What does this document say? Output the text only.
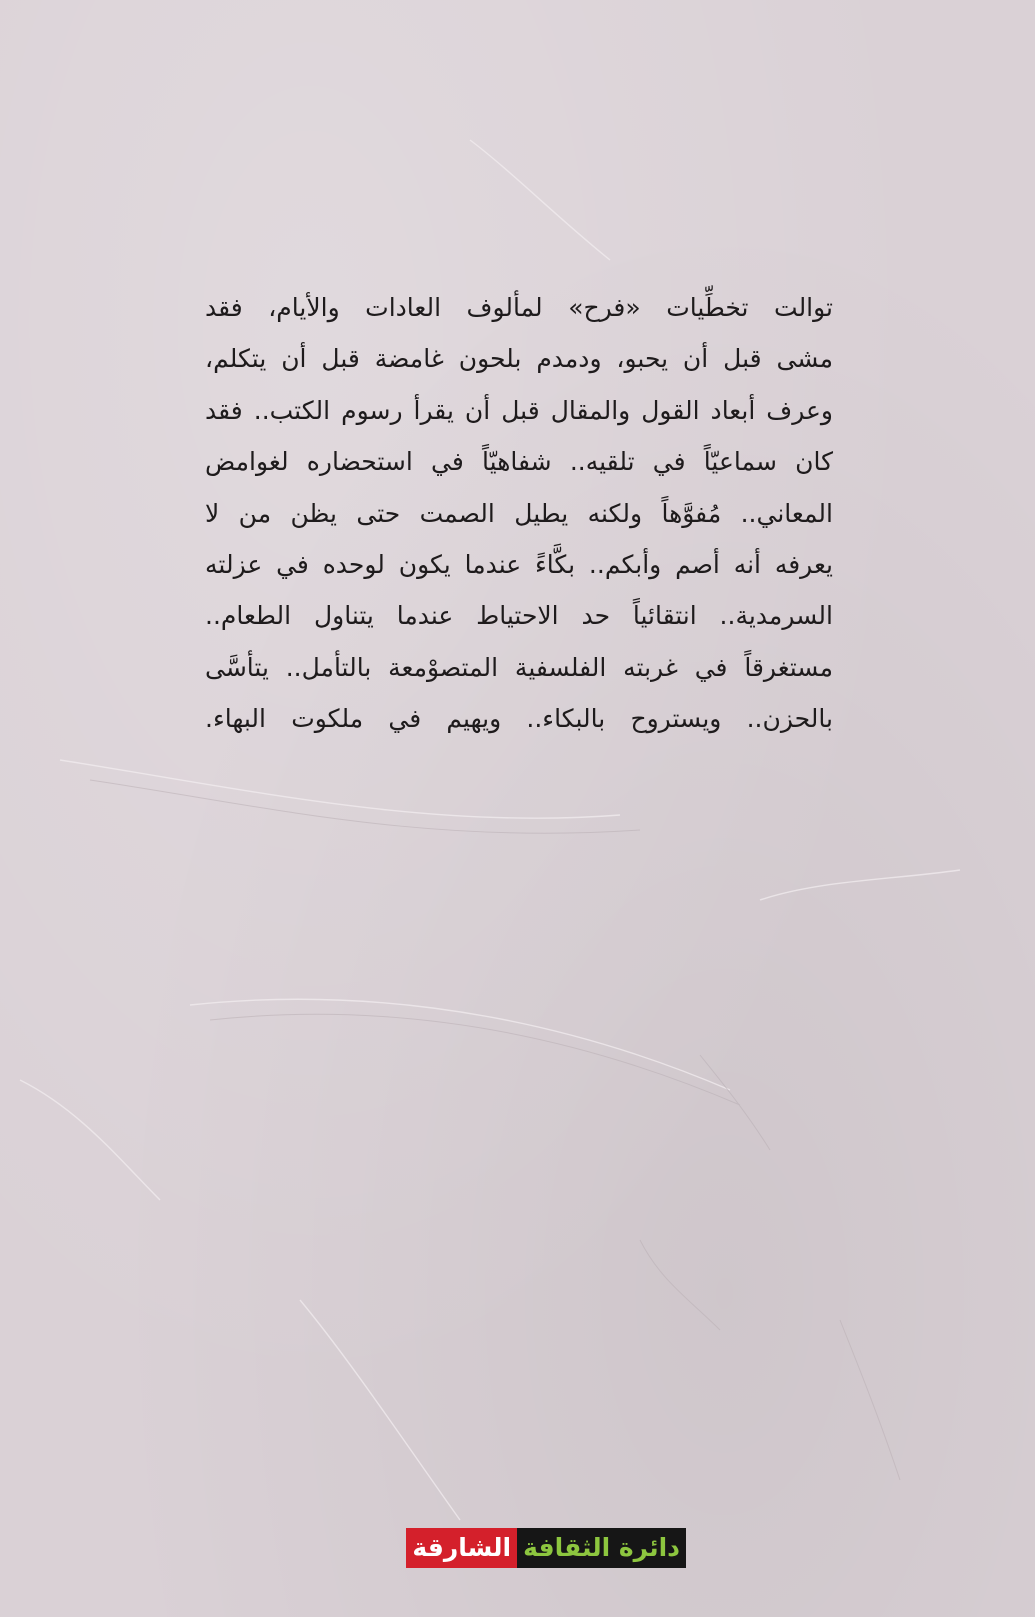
توالت تخطِّيات «فرح» لمألوف العادات والأيام، فقد
مشى قبل أن يحبو، ودمدم بلحون غامضة قبل أن يتكلم،
وعرف أبعاد القول والمقال قبل أن يقرأ رسوم الكتب.. فقد
كان سماعيّاً في تلقيه.. شفاهيّاً في استحضاره لغوامض
المعاني.. مُفوَّهاً ولكنه يطيل الصمت حتى يظن من لا
يعرفه أنه أصم وأبكم.. بكَّاءً عندما يكون لوحده في عزلته
السرمدية.. انتقائياً حد الاحتياط عندما يتناول الطعام..
مستغرقاً في غربته الفلسفية المتصوْمعة بالتأمل.. يتأسَّى
بالحزن.. ويستروح بالبكاء.. ويهيم في ملكوت البهاء.
دائرة الثقافة
الشارقة
